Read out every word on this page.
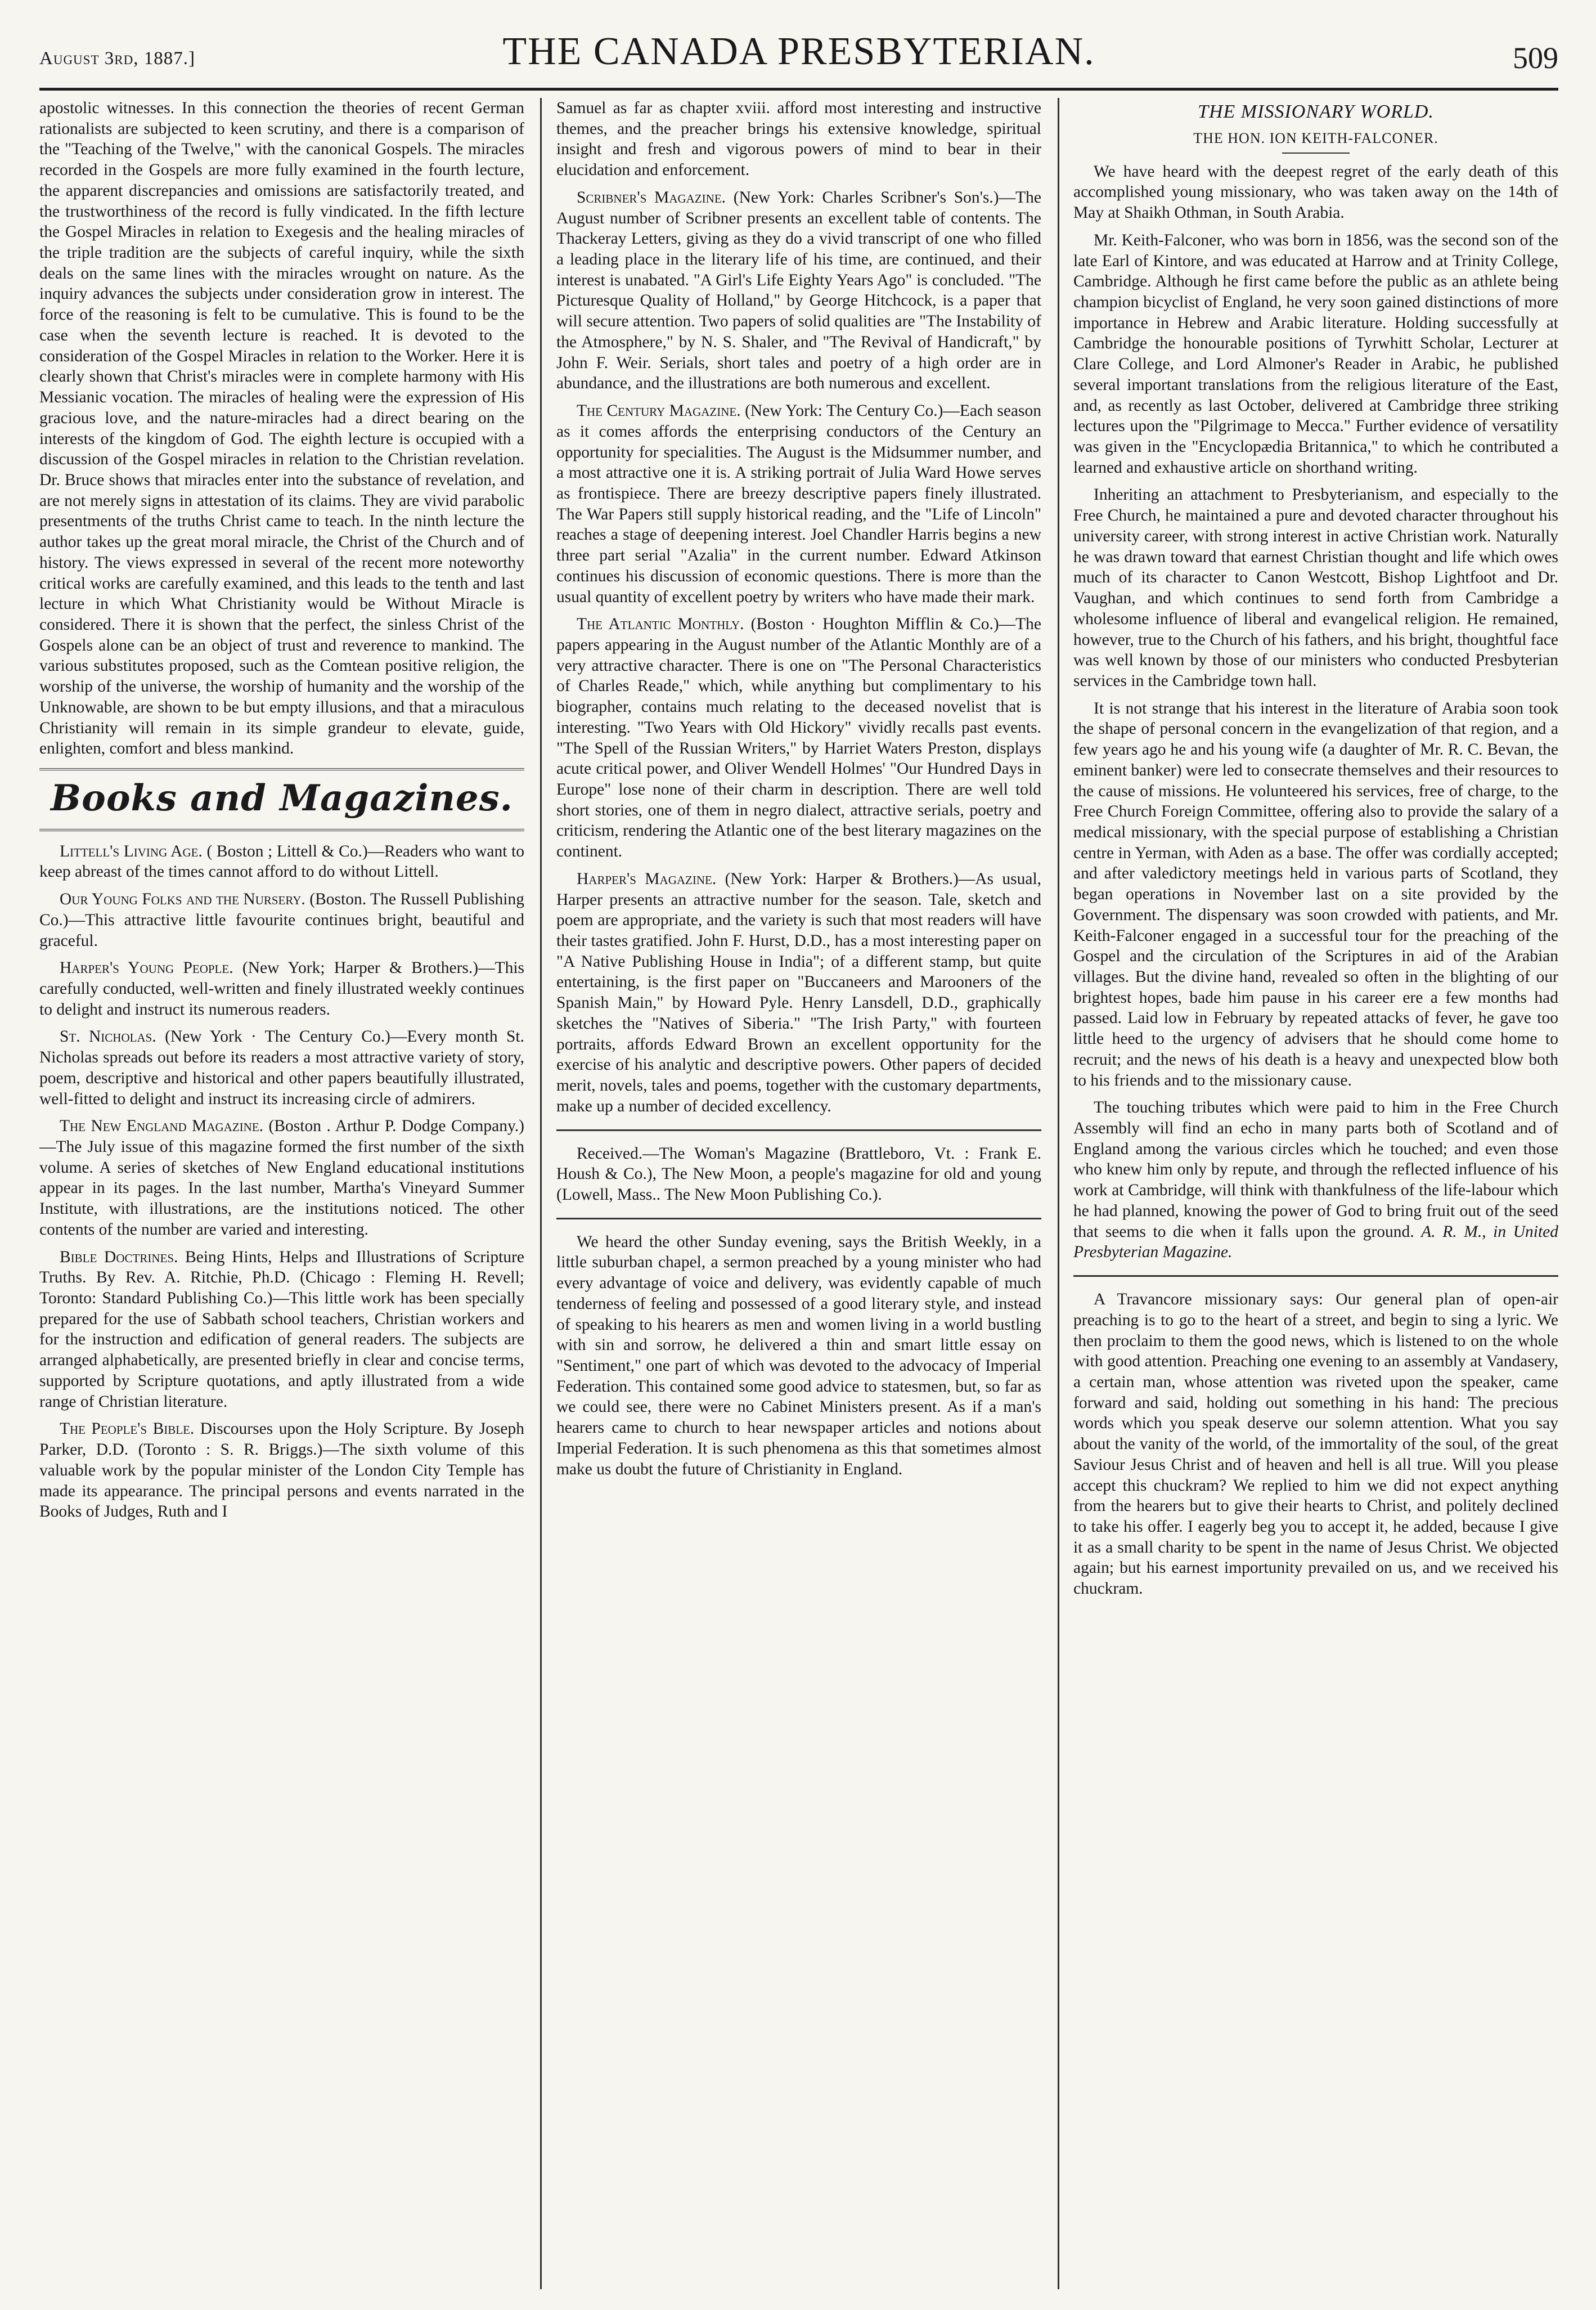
August 3rd, 1887.]	THE CANADA PRESBYTERIAN.	509

apostolic witnesses. In this connection the theories of recent German rationalists are subjected to keen scrutiny, and there is a comparison of the "Teaching of the Twelve," with the canonical Gospels. The miracles recorded in the Gospels are more fully examined in the fourth lecture, the apparent discrepancies and omissions are satisfactorily treated, and the trustworthiness of the record is fully vindicated. In the fifth lecture the Gospel Miracles in relation to Exegesis and the healing miracles of the triple tradition are the subjects of careful inquiry, while the sixth deals on the same lines with the miracles wrought on nature. As the inquiry advances the subjects under consideration grow in interest. The force of the reasoning is felt to be cumulative. This is found to be the case when the seventh lecture is reached. It is devoted to the consideration of the Gospel Miracles in relation to the Worker. Here it is clearly shown that Christ's miracles were in complete harmony with His Messianic vocation. The miracles of healing were the expression of His gracious love, and the nature-miracles had a direct bearing on the interests of the kingdom of God. The eighth lecture is occupied with a discussion of the Gospel miracles in relation to the Christian revelation. Dr. Bruce shows that miracles enter into the substance of revelation, and are not merely signs in attestation of its claims. They are vivid parabolic presentments of the truths Christ came to teach. In the ninth lecture the author takes up the great moral miracle, the Christ of the Church and of history. The views expressed in several of the recent more noteworthy critical works are carefully examined, and this leads to the tenth and last lecture in which What Christianity would be Without Miracle is considered. There it is shown that the perfect, the sinless Christ of the Gospels alone can be an object of trust and reverence to mankind. The various substitutes proposed, such as the Comtean positive religion, the worship of the universe, the worship of humanity and the worship of the Unknowable, are shown to be but empty illusions, and that a miraculous Christianity will remain in its simple grandeur to elevate, guide, enlighten, comfort and bless mankind.

Books and Magazines.

Littell's Living Age. ( Boston ; Littell & Co.)—Readers who want to keep abreast of the times cannot afford to do without Littell.

Our Young Folks and the Nursery. (Boston. The Russell Publishing Co.)—This attractive little favourite continues bright, beautiful and graceful.

Harper's Young People. (New York; Harper & Brothers.)—This carefully conducted, well-written and finely illustrated weekly continues to delight and instruct its numerous readers.

St. Nicholas. (New York · The Century Co.)—Every month St. Nicholas spreads out before its readers a most attractive variety of story, poem, descriptive and historical and other papers beautifully illustrated, well-fitted to delight and instruct its increasing circle of admirers.

The New England Magazine. (Boston . Arthur P. Dodge Company.)—The July issue of this magazine formed the first number of the sixth volume. A series of sketches of New England educational institutions appear in its pages. In the last number, Martha's Vineyard Summer Institute, with illustrations, are the institutions noticed. The other contents of the number are varied and interesting.

Bible Doctrines. Being Hints, Helps and Illustrations of Scripture Truths. By Rev. A. Ritchie, Ph.D. (Chicago : Fleming H. Revell; Toronto: Standard Publishing Co.)—This little work has been specially prepared for the use of Sabbath school teachers, Christian workers and for the instruction and edification of general readers. The subjects are arranged alphabetically, are presented briefly in clear and concise terms, supported by Scripture quotations, and aptly illustrated from a wide range of Christian literature.

The People's Bible. Discourses upon the Holy Scripture. By Joseph Parker, D.D. (Toronto : S. R. Briggs.)—The sixth volume of this valuable work by the popular minister of the London City Temple has made its appearance. The principal persons and events narrated in the Books of Judges, Ruth and I

Samuel as far as chapter xviii. afford most interesting and instructive themes, and the preacher brings his extensive knowledge, spiritual insight and fresh and vigorous powers of mind to bear in their elucidation and enforcement.

Scribner's Magazine. (New York: Charles Scribner's Son's.)—The August number of Scribner presents an excellent table of contents. The Thackeray Letters, giving as they do a vivid transcript of one who filled a leading place in the literary life of his time, are continued, and their interest is unabated. "A Girl's Life Eighty Years Ago" is concluded. "The Picturesque Quality of Holland," by George Hitchcock, is a paper that will secure attention. Two papers of solid qualities are "The Instability of the Atmosphere," by N. S. Shaler, and "The Revival of Handicraft," by John F. Weir. Serials, short tales and poetry of a high order are in abundance, and the illustrations are both numerous and excellent.

The Century Magazine. (New York: The Century Co.)—Each season as it comes affords the enterprising conductors of the Century an opportunity for specialities. The August is the Midsummer number, and a most attractive one it is. A striking portrait of Julia Ward Howe serves as frontispiece. There are breezy descriptive papers finely illustrated. The War Papers still supply historical reading, and the "Life of Lincoln" reaches a stage of deepening interest. Joel Chandler Harris begins a new three part serial "Azalia" in the current number. Edward Atkinson continues his discussion of economic questions. There is more than the usual quantity of excellent poetry by writers who have made their mark.

The Atlantic Monthly. (Boston · Houghton Mifflin & Co.)—The papers appearing in the August number of the Atlantic Monthly are of a very attractive character. There is one on "The Personal Characteristics of Charles Reade," which, while anything but complimentary to his biographer, contains much relating to the deceased novelist that is interesting. "Two Years with Old Hickory" vividly recalls past events. "The Spell of the Russian Writers," by Harriet Waters Preston, displays acute critical power, and Oliver Wendell Holmes' "Our Hundred Days in Europe" lose none of their charm in description. There are well told short stories, one of them in negro dialect, attractive serials, poetry and criticism, rendering the Atlantic one of the best literary magazines on the continent.

Harper's Magazine. (New York: Harper & Brothers.)—As usual, Harper presents an attractive number for the season. Tale, sketch and poem are appropriate, and the variety is such that most readers will have their tastes gratified. John F. Hurst, D.D., has a most interesting paper on "A Native Publishing House in India"; of a different stamp, but quite entertaining, is the first paper on "Buccaneers and Marooners of the Spanish Main," by Howard Pyle. Henry Lansdell, D.D., graphically sketches the "Natives of Siberia." "The Irish Party," with fourteen portraits, affords Edward Brown an excellent opportunity for the exercise of his analytic and descriptive powers. Other papers of decided merit, novels, tales and poems, together with the customary departments, make up a number of decided excellency.

Received.—The Woman's Magazine (Brattleboro, Vt. : Frank E. Housh & Co.), The New Moon, a people's magazine for old and young (Lowell, Mass.. The New Moon Publishing Co.).

We heard the other Sunday evening, says the British Weekly, in a little suburban chapel, a sermon preached by a young minister who had every advantage of voice and delivery, was evidently capable of much tenderness of feeling and possessed of a good literary style, and instead of speaking to his hearers as men and women living in a world bustling with sin and sorrow, he delivered a thin and smart little essay on "Sentiment," one part of which was devoted to the advocacy of Imperial Federation. This contained some good advice to statesmen, but, so far as we could see, there were no Cabinet Ministers present. As if a man's hearers came to church to hear newspaper articles and notions about Imperial Federation. It is such phenomena as this that sometimes almost make us doubt the future of Christianity in England.

THE MISSIONARY WORLD.
THE HON. ION KEITH-FALCONER.

We have heard with the deepest regret of the early death of this accomplished young missionary, who was taken away on the 14th of May at Shaikh Othman, in South Arabia.

Mr. Keith-Falconer, who was born in 1856, was the second son of the late Earl of Kintore, and was educated at Harrow and at Trinity College, Cambridge. Although he first came before the public as an athlete being champion bicyclist of England, he very soon gained distinctions of more importance in Hebrew and Arabic literature. Holding successfully at Cambridge the honourable positions of Tyrwhitt Scholar, Lecturer at Clare College, and Lord Almoner's Reader in Arabic, he published several important translations from the religious literature of the East, and, as recently as last October, delivered at Cambridge three striking lectures upon the "Pilgrimage to Mecca." Further evidence of versatility was given in the "Encyclopædia Britannica," to which he contributed a learned and exhaustive article on shorthand writing.

Inheriting an attachment to Presbyterianism, and especially to the Free Church, he maintained a pure and devoted character throughout his university career, with strong interest in active Christian work. Naturally he was drawn toward that earnest Christian thought and life which owes much of its character to Canon Westcott, Bishop Lightfoot and Dr. Vaughan, and which continues to send forth from Cambridge a wholesome influence of liberal and evangelical religion. He remained, however, true to the Church of his fathers, and his bright, thoughtful face was well known by those of our ministers who conducted Presbyterian services in the Cambridge town hall.

It is not strange that his interest in the literature of Arabia soon took the shape of personal concern in the evangelization of that region, and a few years ago he and his young wife (a daughter of Mr. R. C. Bevan, the eminent banker) were led to consecrate themselves and their resources to the cause of missions. He volunteered his services, free of charge, to the Free Church Foreign Committee, offering also to provide the salary of a medical missionary, with the special purpose of establishing a Christian centre in Yerman, with Aden as a base. The offer was cordially accepted; and after valedictory meetings held in various parts of Scotland, they began operations in November last on a site provided by the Government. The dispensary was soon crowded with patients, and Mr. Keith-Falconer engaged in a successful tour for the preaching of the Gospel and the circulation of the Scriptures in aid of the Arabian villages. But the divine hand, revealed so often in the blighting of our brightest hopes, bade him pause in his career ere a few months had passed. Laid low in February by repeated attacks of fever, he gave too little heed to the urgency of advisers that he should come home to recruit; and the news of his death is a heavy and unexpected blow both to his friends and to the missionary cause.

The touching tributes which were paid to him in the Free Church Assembly will find an echo in many parts both of Scotland and of England among the various circles which he touched; and even those who knew him only by repute, and through the reflected influence of his work at Cambridge, will think with thankfulness of the life-labour which he had planned, knowing the power of God to bring fruit out of the seed that seems to die when it falls upon the ground. A. R. M., in United Presbyterian Magazine.

A Travancore missionary says: Our general plan of open-air preaching is to go to the heart of a street, and begin to sing a lyric. We then proclaim to them the good news, which is listened to on the whole with good attention. Preaching one evening to an assembly at Vandasery, a certain man, whose attention was riveted upon the speaker, came forward and said, holding out something in his hand: The precious words which you speak deserve our solemn attention. What you say about the vanity of the world, of the immortality of the soul, of the great Saviour Jesus Christ and of heaven and hell is all true. Will you please accept this chuckram? We replied to him we did not expect anything from the hearers but to give their hearts to Christ, and politely declined to take his offer. I eagerly beg you to accept it, he added, because I give it as a small charity to be spent in the name of Jesus Christ. We objected again; but his earnest importunity prevailed on us, and we received his chuckram.
